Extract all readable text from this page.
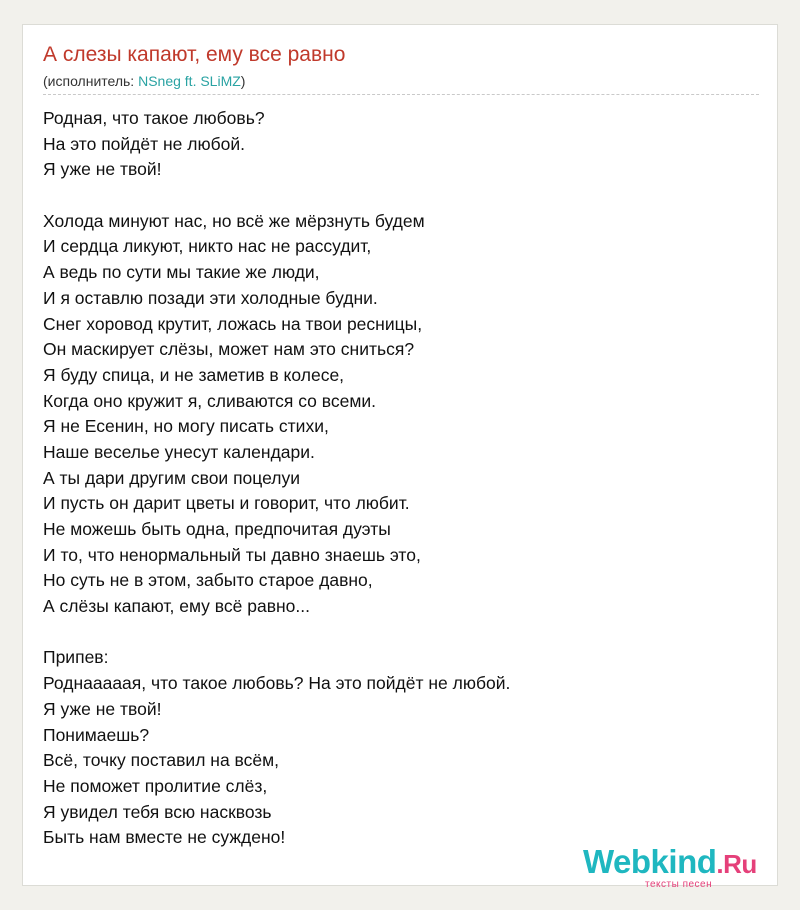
А слезы капают, ему все равно
(исполнитель: NSneg ft. SLiMZ)
Родная, что такое любовь?
На это пойдёт не любой.
Я уже не твой!
Холода минуют нас, но всё же мёрзнуть будем
И сердца ликуют, никто нас не рассудит,
А ведь по сути мы такие же люди,
И я оставлю позади эти холодные будни.
Снег хоровод крутит, ложась на твои ресницы,
Он маскирует слёзы, может нам это сниться?
Я буду спица, и не заметив в колесе,
Когда оно кружит я, сливаются со всеми.
Я не Есенин, но могу писать стихи,
Наше веселье унесут календари.
А ты дари другим свои поцелуи
И пусть он дарит цветы и говорит, что любит.
Не можешь быть одна, предпочитая дуэты
И то, что ненормальный ты давно знаешь это,
Но суть не в этом, забыто старое давно,
А слёзы капают, ему всё равно...
Припев:
Роднааааая, что такое любовь? На это пойдёт не любой.
Я уже не твой!
Понимаешь?
Всё, точку поставил на всём,
Не поможет пролитие слёз,
Я увидел тебя всю насквозь
Быть нам вместе не суждено!
Webkind.Ru
тексты песен
